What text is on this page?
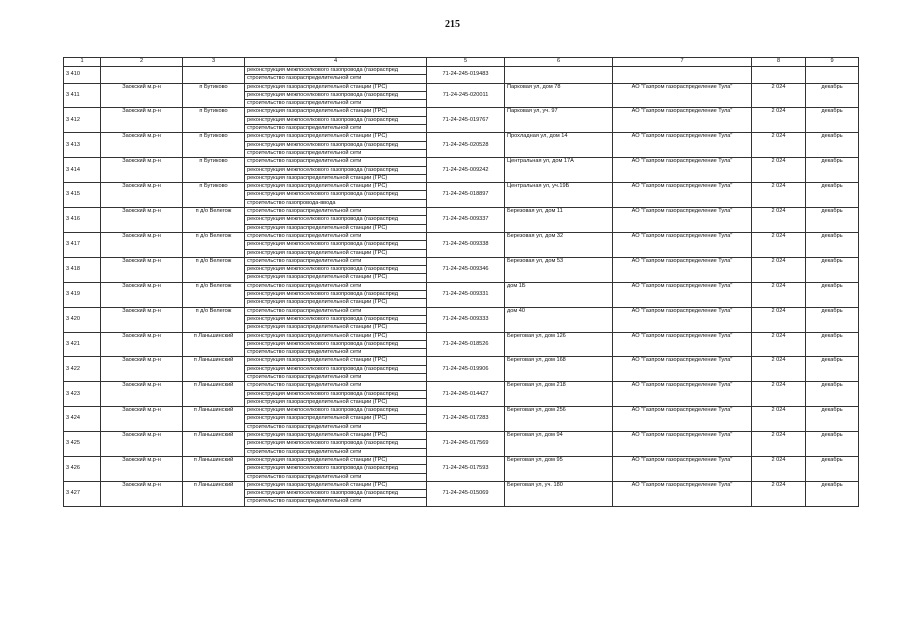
215
1	2	3	4	5	6	7	8	9
3 410			реконструкция межпоселкового газопровода (газораспред
строительство газораспределительной сети	71-24-245-019483				
3 411	Заокский м.р-н	п Бутиково	реконструкция газораспределительной станции (ГРС)
реконструкция межпоселкового газопровода (газораспред
строительство газораспределительной сети	71-24-245-020011	Парковая ул, дом 78	АО "Газпром газораспределение Тула"	2 024	декабрь
3 412	Заокский м.р-н	п Бутиково	реконструкция газораспределительной станции (ГРС)
реконструкция межпоселкового газопровода (газораспред
строительство газораспределительной сети	71-24-245-019767	Парковая ул, уч. 97	АО "Газпром газораспределение Тула"	2 024	декабрь
3 413	Заокский м.р-н	п Бутиково	реконструкция газораспределительной станции (ГРС)
реконструкция межпоселкового газопровода (газораспред
строительство газораспределительной сети	71-24-245-020528	Прохладная ул, дом 14	АО "Газпром газораспределение Тула"	2 024	декабрь
3 414	Заокский м.р-н	п Бутиково	строительство газораспределительной сети
реконструкция межпоселкового газопровода (газораспред
реконструкция газораспределительной станции (ГРС)	71-24-245-009242	Центральная ул, дом 17А	АО "Газпром газораспределение Тула"	2 024	декабрь
3 415	Заокский м.р-н	п Бутиково	реконструкция газораспределительной станции (ГРС)
реконструкция межпоселкового газопровода (газораспред
строительство газопровода-ввода	71-24-245-018897	Центральная ул, уч.19Б	АО "Газпром газораспределение Тула"	2 024	декабрь
3 416	Заокский м.р-н	п д/о Велегож	строительство газораспределительной сети
реконструкция межпоселкового газопровода (газораспред
реконструкция газораспределительной станции (ГРС)	71-24-245-009337	Березовая ул, дом 11	АО "Газпром газораспределение Тула"	2 024	декабрь
3 417	Заокский м.р-н	п д/о Велегож	строительство газораспределительной сети
реконструкция межпоселкового газопровода (газораспред
реконструкция газораспределительной станции (ГРС)	71-24-245-009338	Березовая ул, дом 32	АО "Газпром газораспределение Тула"	2 024	декабрь
3 418	Заокский м.р-н	п д/о Велегож	строительство газораспределительной сети
реконструкция межпоселкового газопровода (газораспред
реконструкция газораспределительной станции (ГРС)	71-24-245-009346	Березовая ул, дом 53	АО "Газпром газораспределение Тула"	2 024	декабрь
3 419	Заокский м.р-н	п д/о Велегож	строительство газораспределительной сети
реконструкция межпоселкового газопровода (газораспред
реконструкция газораспределительной станции (ГРС)	71-24-245-009331	дом 1Б	АО "Газпром газораспределение Тула"	2 024	декабрь
3 420	Заокский м.р-н	п д/о Велегож	строительство газораспределительной сети
реконструкция межпоселкового газопровода (газораспред
реконструкция газораспределительной станции (ГРС)	71-24-245-009333	дом 40	АО "Газпром газораспределение Тула"	2 024	декабрь
3 421	Заокский м.р-н	п Ланьшинский	реконструкция газораспределительной станции (ГРС)
реконструкция межпоселкового газопровода (газораспред
строительство газораспределительной сети	71-24-245-018526	Береговая ул, дом 126	АО "Газпром газораспределение Тула"	2 024	декабрь
3 422	Заокский м.р-н	п Ланьшинский	реконструкция газораспределительной станции (ГРС)
реконструкция межпоселкового газопровода (газораспред
строительство газораспределительной сети	71-24-245-019906	Береговая ул, дом 168	АО "Газпром газораспределение Тула"	2 024	декабрь
3 423	Заокский м.р-н	п Ланьшинский	строительство газораспределительной сети
реконструкция межпоселкового газопровода (газораспред
реконструкция газораспределительной станции (ГРС)	71-24-245-014427	Береговая ул, дом 218	АО "Газпром газораспределение Тула"	2 024	декабрь
3 424	Заокский м.р-н	п Ланьшинский	реконструкция межпоселкового газопровода (газораспред
реконструкция газораспределительной станции (ГРС)
строительство газораспределительной сети	71-24-245-017283	Береговая ул, дом 256	АО "Газпром газораспределение Тула"	2 024	декабрь
3 425	Заокский м.р-н	п Ланьшинский	реконструкция газораспределительной станции (ГРС)
реконструкция межпоселкового газопровода (газораспред
строительство газораспределительной сети	71-24-245-017569	Береговая ул, дом 94	АО "Газпром газораспределение Тула"	2 024	декабрь
3 426	Заокский м.р-н	п Ланьшинский	реконструкция газораспределительной станции (ГРС)
реконструкция межпоселкового газопровода (газораспред
строительство газораспределительной сети	71-24-245-017593	Береговая ул, дом 95	АО "Газпром газораспределение Тула"	2 024	декабрь
3 427	Заокский м.р-н	п Ланьшинский	реконструкция газораспределительной станции (ГРС)
реконструкция межпоселкового газопровода (газораспред
строительство газораспределительной сети	71-24-245-015069	Береговая ул, уч. 180	АО "Газпром газораспределение Тула"	2 024	декабрь
